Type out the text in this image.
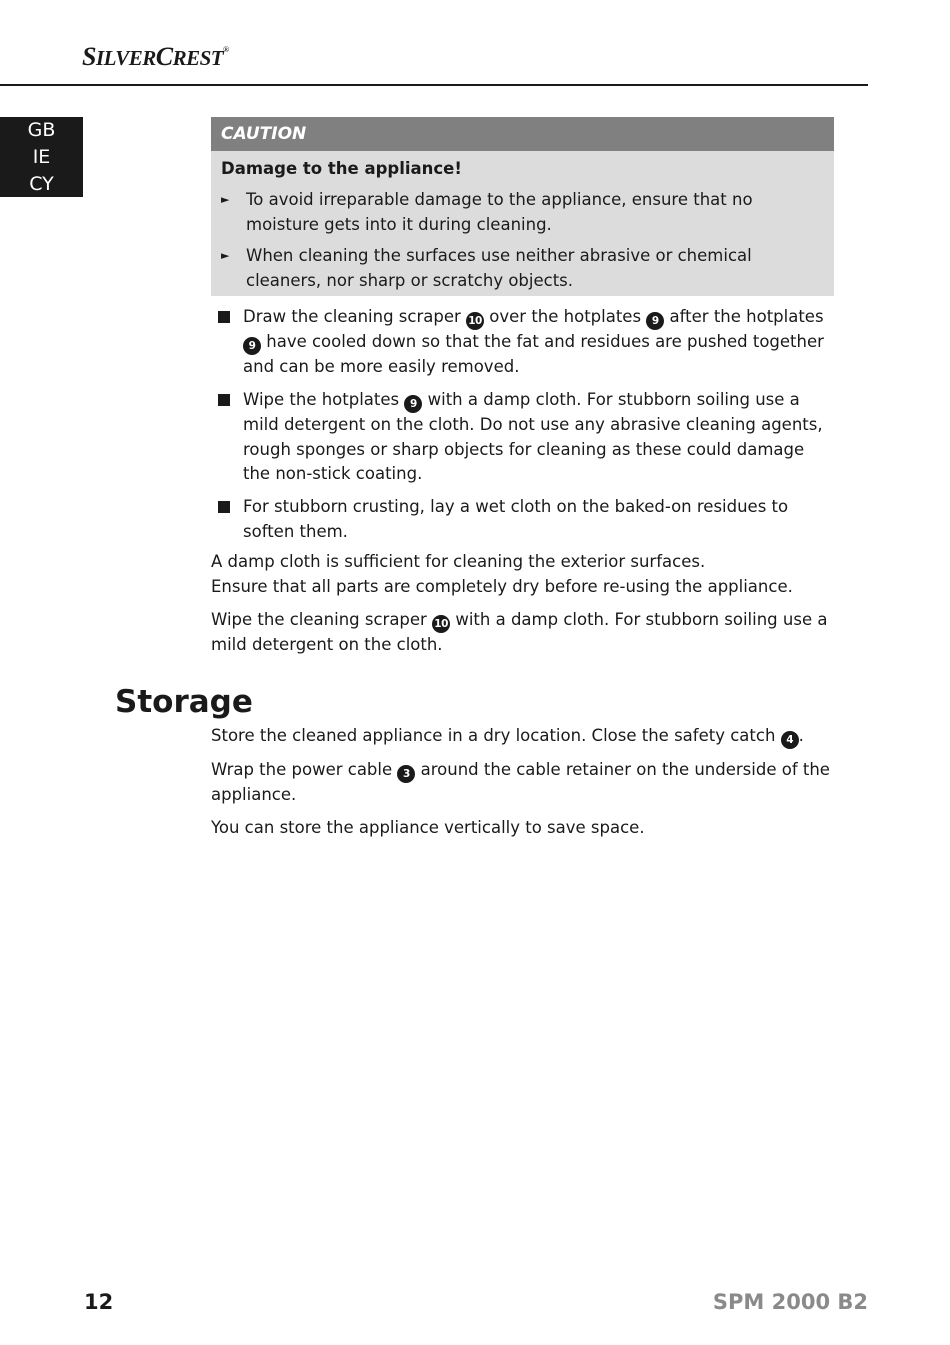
SILVERCREST®
GB
IE
CY
CAUTION
Damage to the appliance!
► To avoid irreparable damage to the appliance, ensure that no moisture gets into it during cleaning.
► When cleaning the surfaces use neither abrasive or chemical cleaners, nor sharp or scratchy objects.
Draw the cleaning scraper 10 over the hotplates 9 after the hotplates 9 have cooled down so that the fat and residues are pushed together and can be more easily removed.
Wipe the hotplates 9 with a damp cloth. For stubborn soiling use a mild detergent on the cloth. Do not use any abrasive cleaning agents, rough sponges or sharp objects for cleaning as these could damage the non-stick coating.
For stubborn crusting, lay a wet cloth on the baked-on residues to soften them.
A damp cloth is sufficient for cleaning the exterior surfaces.
Ensure that all parts are completely dry before re-using the appliance.
Wipe the cleaning scraper 10 with a damp cloth. For stubborn soiling use a mild detergent on the cloth.
Storage
Store the cleaned appliance in a dry location. Close the safety catch 4 .
Wrap the power cable 3 around the cable retainer on the underside of the appliance.
You can store the appliance vertically to save space.
12	SPM 2000 B2
